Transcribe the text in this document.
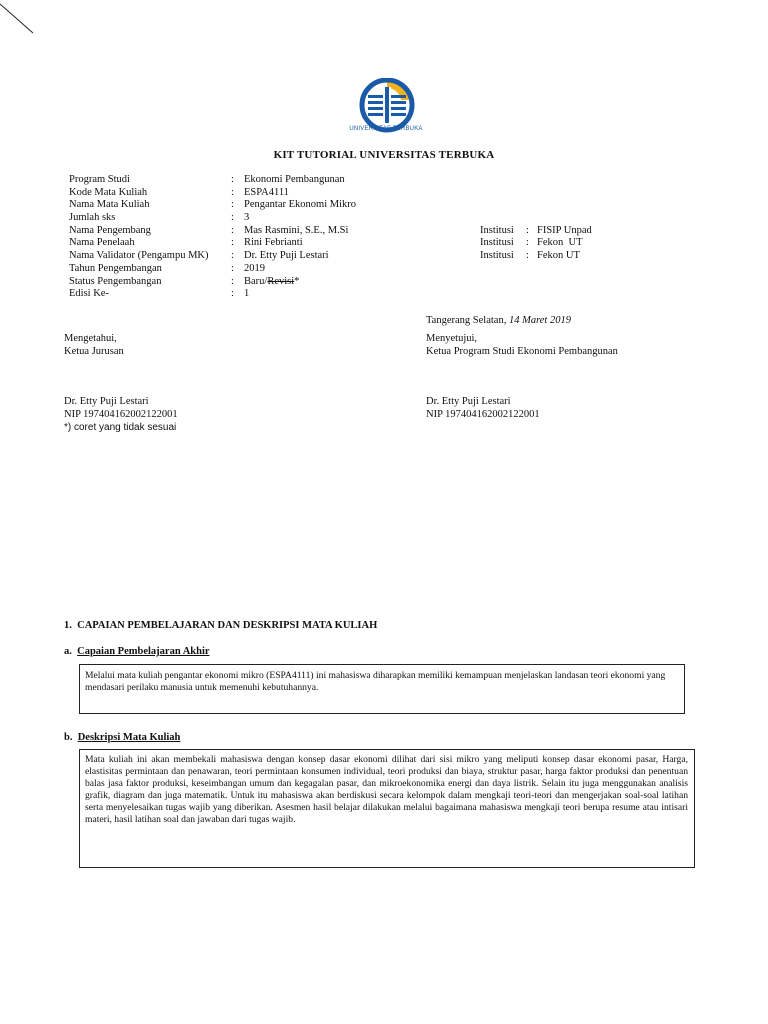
UNIVERSITAS TERBUKA
KIT TUTORIAL UNIVERSITAS TERBUKA
Program Studi	: Ekonomi Pembangunan
Kode Mata Kuliah	: ESPA4111
Nama Mata Kuliah	: Pengantar Ekonomi Mikro
Jumlah sks	: 3
Nama Pengembang	: Mas Rasmini, S.E., M.Si	Institusi : FISIP Unpad
Nama Penelaah	: Rini Febrianti	Institusi : Fekon  UT
Nama Validator (Pengampu MK) : Dr. Etty Puji Lestari	Institusi : Fekon UT
Tahun Pengembangan	: 2019
Status Pengembangan	: Baru/Revisi*
Edisi Ke-	: 1
Tangerang Selatan, 14 Maret 2019
Mengetahui,
Ketua Jurusan
Dr. Etty Puji Lestari
NIP 197404162002122001
*) coret yang tidak sesuai
Menyetujui,
Ketua Program Studi Ekonomi Pembangunan
Dr. Etty Puji Lestari
NIP 197404162002122001
1. CAPAIAN PEMBELAJARAN DAN DESKRIPSI MATA KULIAH
a. Capaian Pembelajaran Akhir
Melalui mata kuliah pengantar ekonomi mikro (ESPA4111) ini mahasiswa diharapkan memiliki kemampuan menjelaskan landasan teori ekonomi yang mendasari perilaku manusia untuk memenuhi kebutuhannya.
b. Deskripsi Mata Kuliah
Mata kuliah ini akan membekali mahasiswa dengan konsep dasar ekonomi dilihat dari sisi mikro yang meliputi konsep dasar ekonomi pasar, Harga, elastisitas permintaan dan penawaran, teori permintaan konsumen individual, teori produksi dan biaya, struktur pasar, harga faktor produksi dan penentuan balas jasa faktor produksi, keseimbangan umum dan kegagalan pasar, dan mikroekonomika energi dan daya listrik. Selain itu juga menggunakan analisis grafik, diagram dan juga matematik. Untuk itu mahasiswa akan berdiskusi secara kelompok dalam mengkaji teori-teori dan mengerjakan soal-soal latihan serta menyelesaikan tugas wajib yang diberikan. Asesmen hasil belajar dilakukan melalui bagaimana mahasiswa mengkaji teori berupa resume atau intisari materi, hasil latihan soal dan jawaban dari tugas wajib.
